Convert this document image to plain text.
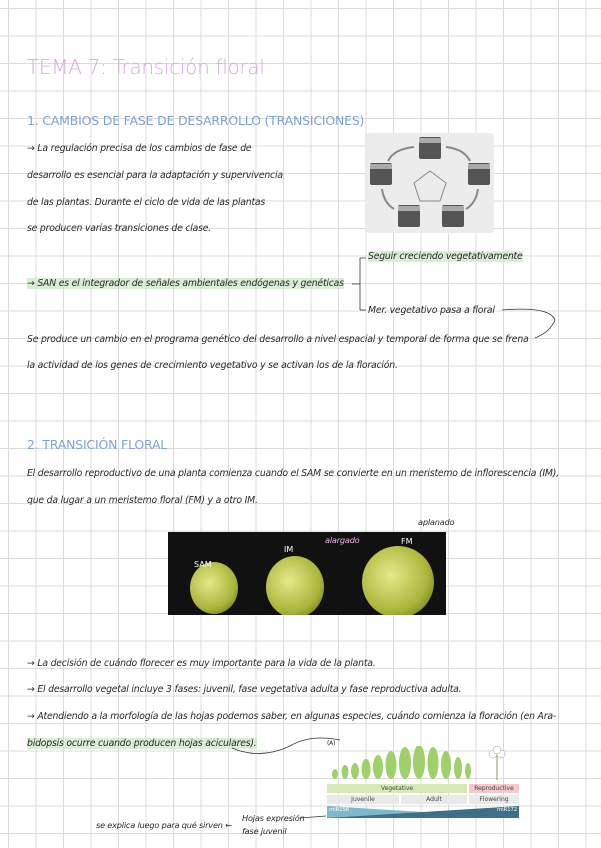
TEMA 7: Transición floral
1. CAMBIOS DE FASE DE DESARROLLO (TRANSICIONES)
→ La regulación precisa de los cambios de fase de
desarrollo es esencial para la adaptación y supervivencia
de las plantas. Durante el ciclo de vida de las plantas
se producen varias transiciones de clase.
→ SAN es el integrador de señales ambientales endógenas y genéticas
Seguir creciendo vegetativamente
Mer. vegetativo pasa a floral
Se produce un cambio en el programa genético del desarrollo a nivel espacial y temporal de forma que se frena
la actividad de los genes de crecimiento vegetativo y se activan los de la floración.
2. TRANSICIÓN FLORAL
El desarrollo reproductivo de una planta comienza cuando el SAM se convierte en un meristemo de inflorescencia (IM),
que da lugar a un meristemo floral (FM) y a otro IM.
aplanado
SAM
IM
FM
alargado
→ La decisión de cuándo florecer es muy importante para la vida de la planta.
→ El desarrollo vegetal incluye 3 fases: juvenil, fase vegetativa adulta y fase reproductiva adulta.
→ Atendiendo a la morfología de las hojas podemos saber, en algunas especies, cuándo comienza la floración (en Ara-
bidopsis ocurre cuando producen hojas aciculares).	(A)
Vegetative	Reproductive
Juvenile	Adult	Flowering
miR156	miR172
se explica luego para qué sirven ←
Hojas expresión
fase juvenil
